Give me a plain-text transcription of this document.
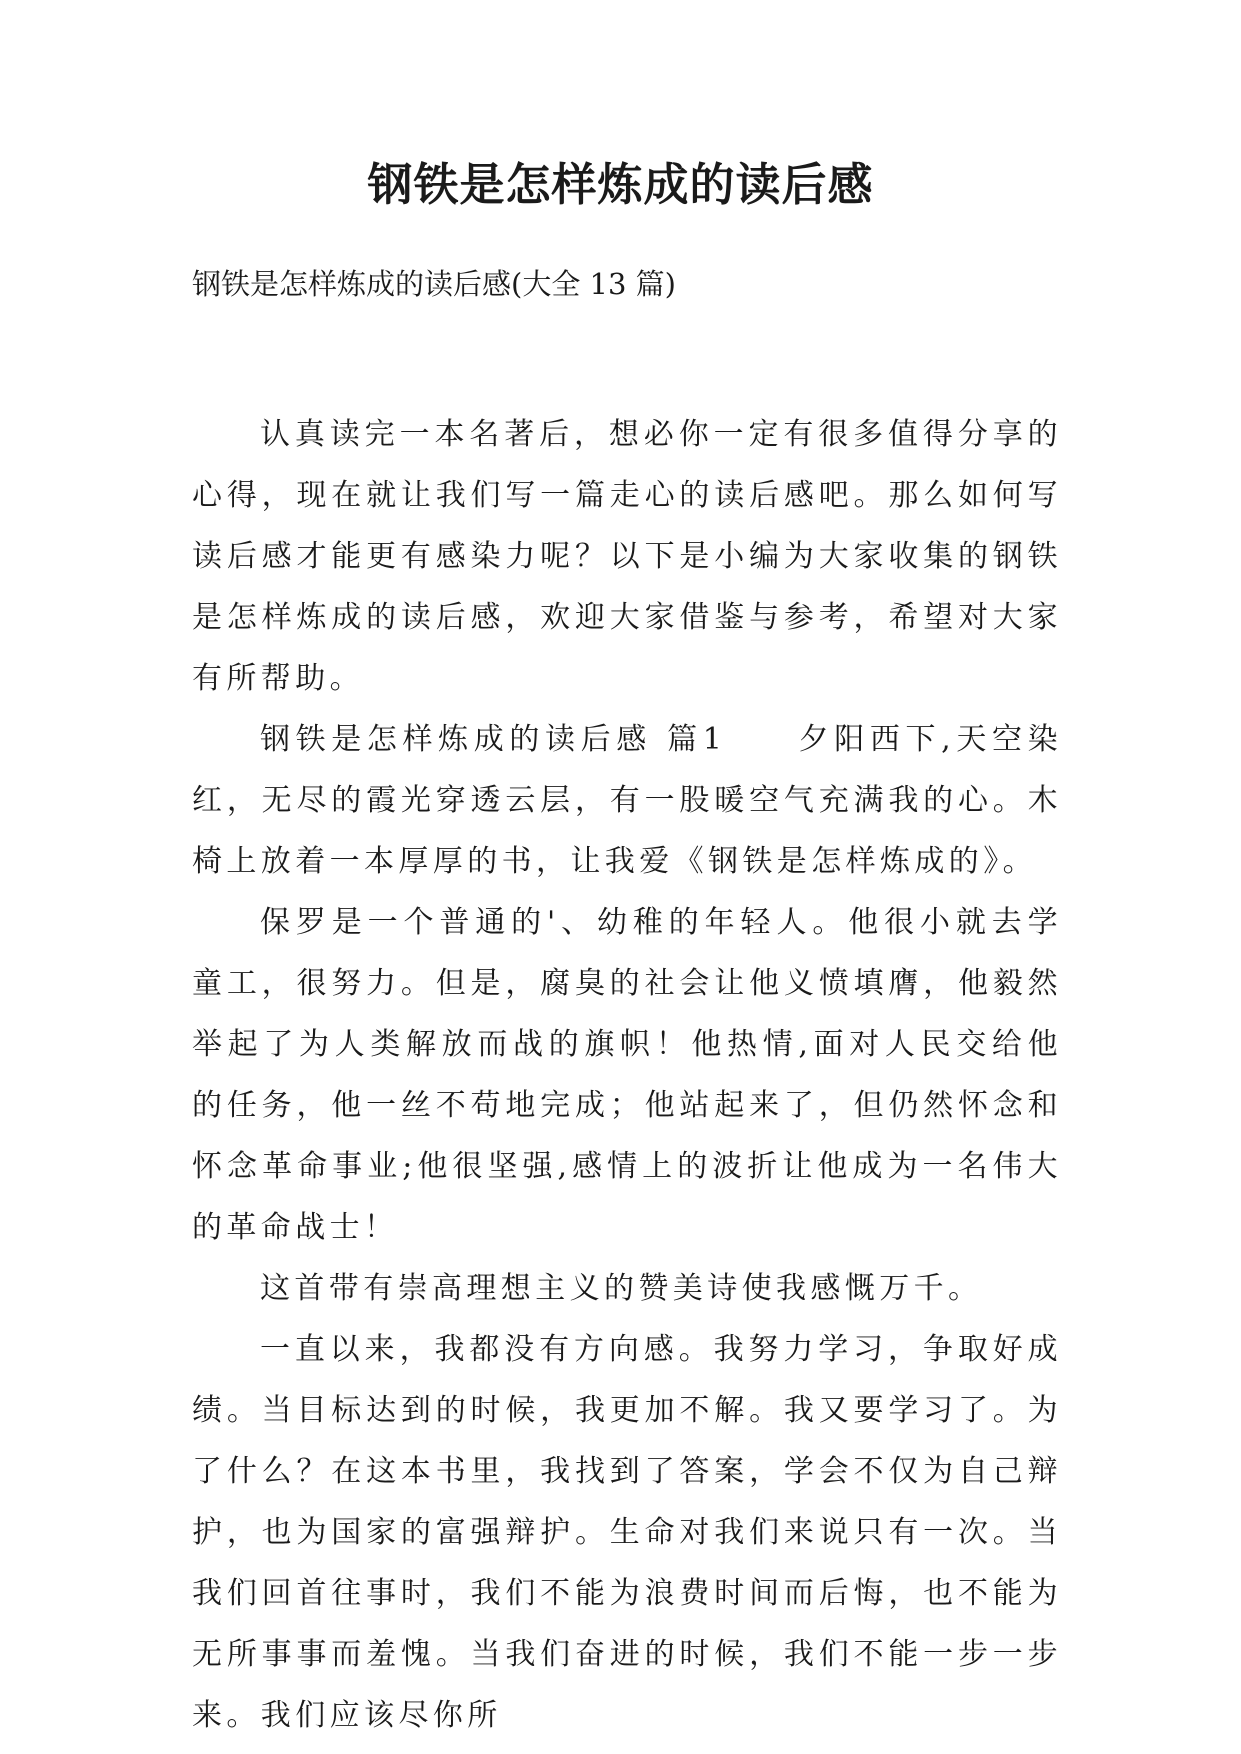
钢铁是怎样炼成的读后感

钢铁是怎样炼成的读后感(大全 13 篇)

认真读完一本名著后，想必你一定有很多值得分享的心得，现在就让我们写一篇走心的读后感吧。那么如何写读后感才能更有感染力呢？以下是小编为大家收集的钢铁是怎样炼成的读后感，欢迎大家借鉴与参考，希望对大家有所帮助。

钢铁是怎样炼成的读后感 篇1　　夕阳西下,天空染红，无尽的霞光穿透云层，有一股暖空气充满我的心。木椅上放着一本厚厚的书，让我爱《钢铁是怎样炼成的》。

保罗是一个普通的'、幼稚的年轻人。他很小就去学童工，很努力。但是，腐臭的社会让他义愤填膺，他毅然举起了为人类解放而战的旗帜！他热情,面对人民交给他的任务，他一丝不苟地完成；他站起来了，但仍然怀念和怀念革命事业;他很坚强,感情上的波折让他成为一名伟大的革命战士！

这首带有崇高理想主义的赞美诗使我感慨万千。

一直以来，我都没有方向感。我努力学习，争取好成绩。当目标达到的时候，我更加不解。我又要学习了。为了什么？在这本书里，我找到了答案，学会不仅为自己辩护，也为国家的富强辩护。生命对我们来说只有一次。当我们回首往事时，我们不能为浪费时间而后悔，也不能为无所事事而羞愧。当我们奋进的时候，我们不能一步一步来。我们应该尽你所
